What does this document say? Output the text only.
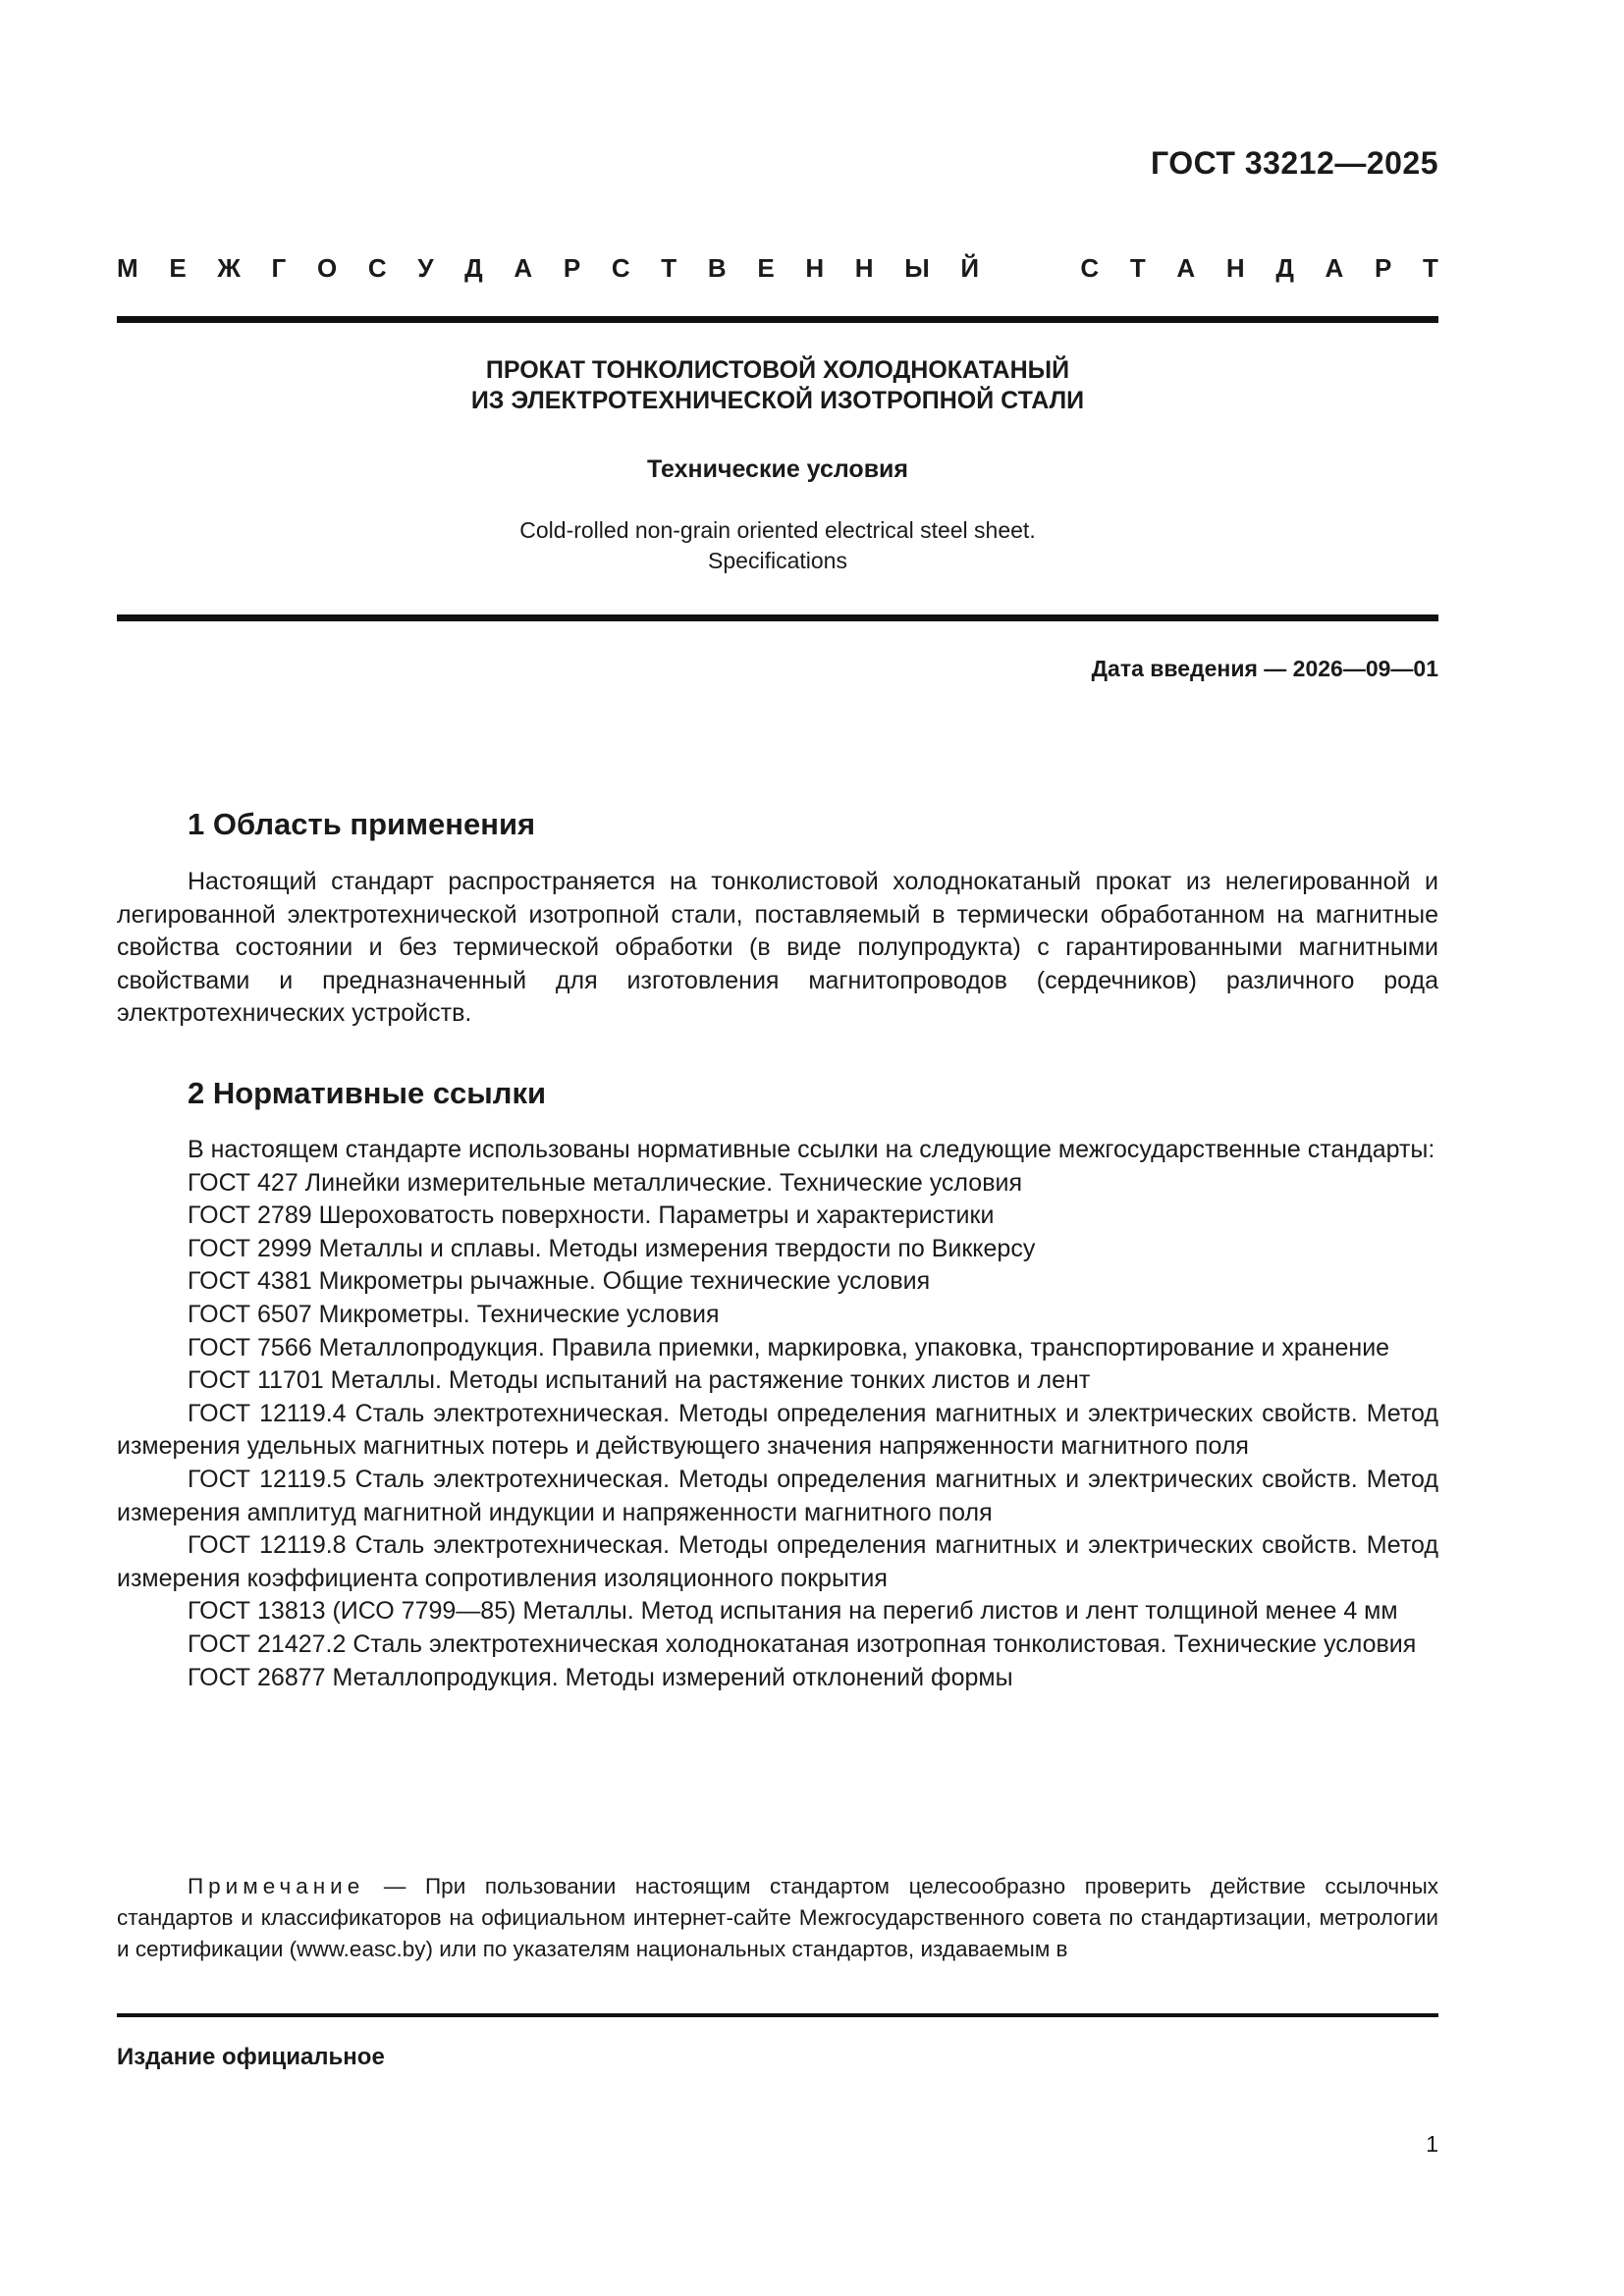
ГОСТ 33212—2025
М Е Ж Г О С У Д А Р С Т В Е Н Н Ы Й	С Т А Н Д А Р Т
ПРОКАТ ТОНКОЛИСТОВОЙ ХОЛОДНОКАТАНЫЙ
ИЗ ЭЛЕКТРОТЕХНИЧЕСКОЙ ИЗОТРОПНОЙ СТАЛИ
Технические условия
Cold-rolled non-grain oriented electrical steel sheet.
Specifications
Дата введения — 2026—09—01
1 Область применения

Настоящий стандарт распространяется на тонколистовой холоднокатаный прокат из нелегированной и легированной электротехнической изотропной стали, поставляемый в термически обработанном на магнитные свойства состоянии и без термической обработки (в виде полупродукта) с гарантированными магнитными свойствами и предназначенный для изготовления магнитопроводов (сердечников) различного рода электротехнических устройств.

2 Нормативные ссылки

В настоящем стандарте использованы нормативные ссылки на следующие межгосударственные стандарты:

ГОСТ 427 Линейки измерительные металлические. Технические условия

ГОСТ 2789 Шероховатость поверхности. Параметры и характеристики

ГОСТ 2999 Металлы и сплавы. Методы измерения твердости по Виккерсу

ГОСТ 4381 Микрометры рычажные. Общие технические условия

ГОСТ 6507 Микрометры. Технические условия

ГОСТ 7566 Металлопродукция. Правила приемки, маркировка, упаковка, транспортирование и хранение

ГОСТ 11701 Металлы. Методы испытаний на растяжение тонких листов и лент

ГОСТ 12119.4 Сталь электротехническая. Методы определения магнитных и электрических свойств. Метод измерения удельных магнитных потерь и действующего значения напряженности магнитного поля

ГОСТ 12119.5 Сталь электротехническая. Методы определения магнитных и электрических свойств. Метод измерения амплитуд магнитной индукции и напряженности магнитного поля

ГОСТ 12119.8 Сталь электротехническая. Методы определения магнитных и электрических свойств. Метод измерения коэффициента сопротивления изоляционного покрытия

ГОСТ 13813 (ИСО 7799—85) Металлы. Метод испытания на перегиб листов и лент толщиной менее 4 мм

ГОСТ 21427.2 Сталь электротехническая холоднокатаная изотропная тонколистовая. Технические условия

ГОСТ 26877 Металлопродукция. Методы измерений отклонений формы

Примечание — При пользовании настоящим стандартом целесообразно проверить действие ссылочных стандартов и классификаторов на официальном интернет-сайте Межгосударственного совета по стандартизации, метрологии и сертификации (www.easc.by) или по указателям национальных стандартов, издаваемым в

Издание официальное
1
